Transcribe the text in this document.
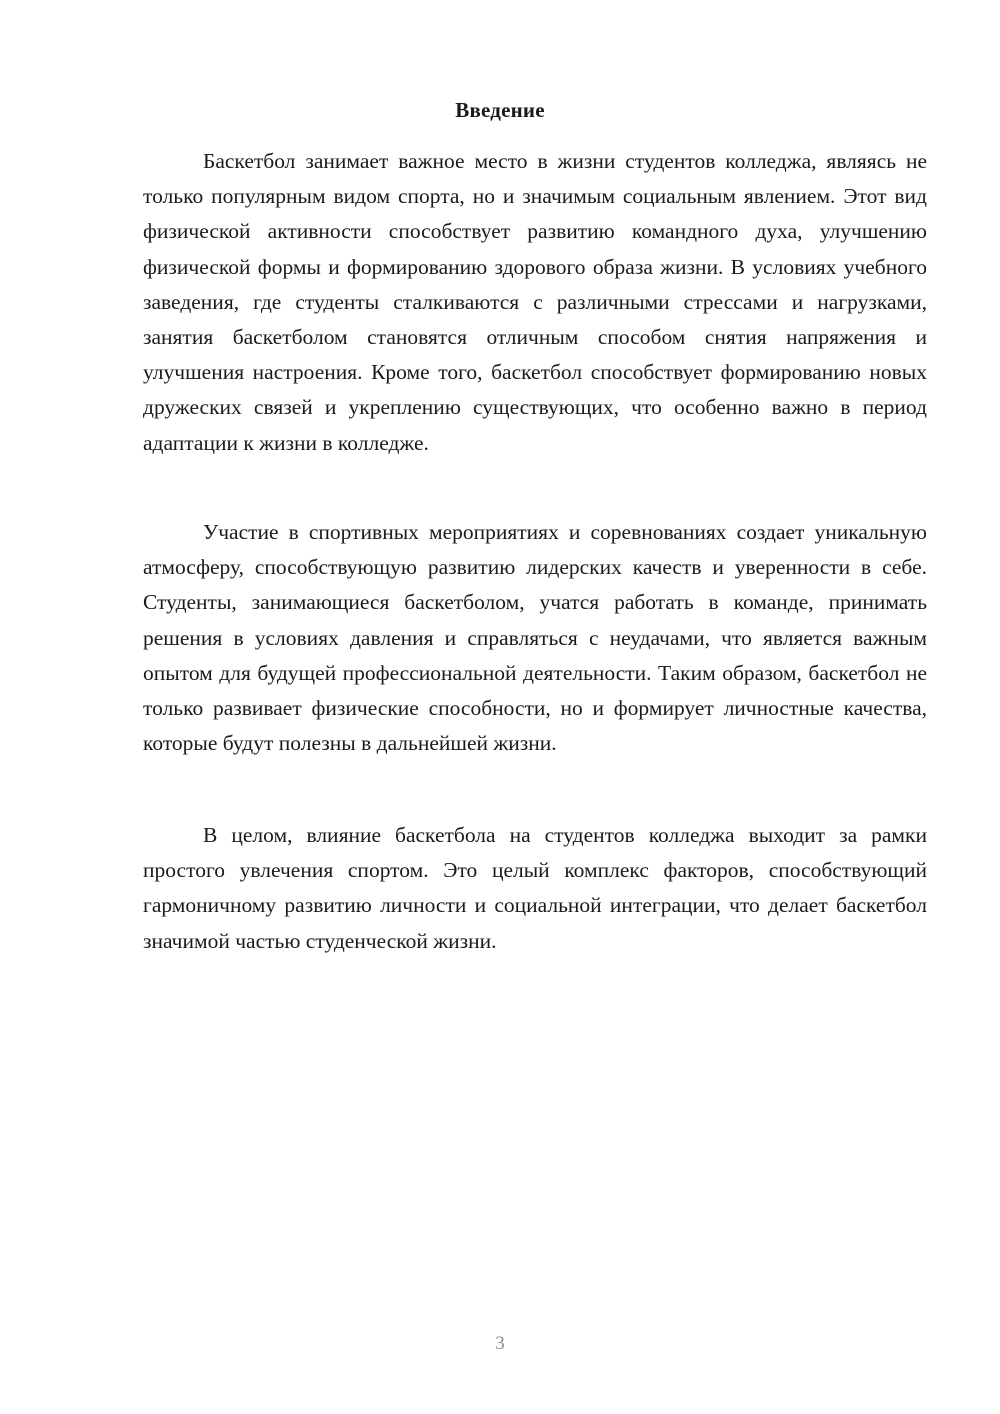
Введение

Баскетбол занимает важное место в жизни студентов колледжа, являясь не только популярным видом спорта, но и значимым социальным явлением. Этот вид физической активности способствует развитию командного духа, улучшению физической формы и формированию здорового образа жизни. В условиях учебного заведения, где студенты сталкиваются с различными стрессами и нагрузками, занятия баскетболом становятся отличным способом снятия напряжения и улучшения настроения. Кроме того, баскетбол способствует формированию новых дружеских связей и укреплению существующих, что особенно важно в период адаптации к жизни в колледже.

Участие в спортивных мероприятиях и соревнованиях создает уникальную атмосферу, способствующую развитию лидерских качеств и уверенности в себе. Студенты, занимающиеся баскетболом, учатся работать в команде, принимать решения в условиях давления и справляться с неудачами, что является важным опытом для будущей профессиональной деятельности. Таким образом, баскетбол не только развивает физические способности, но и формирует личностные качества, которые будут полезны в дальнейшей жизни.

В целом, влияние баскетбола на студентов колледжа выходит за рамки простого увлечения спортом. Это целый комплекс факторов, способствующий гармоничному развитию личности и социальной интеграции, что делает баскетбол значимой частью студенческой жизни.

3
